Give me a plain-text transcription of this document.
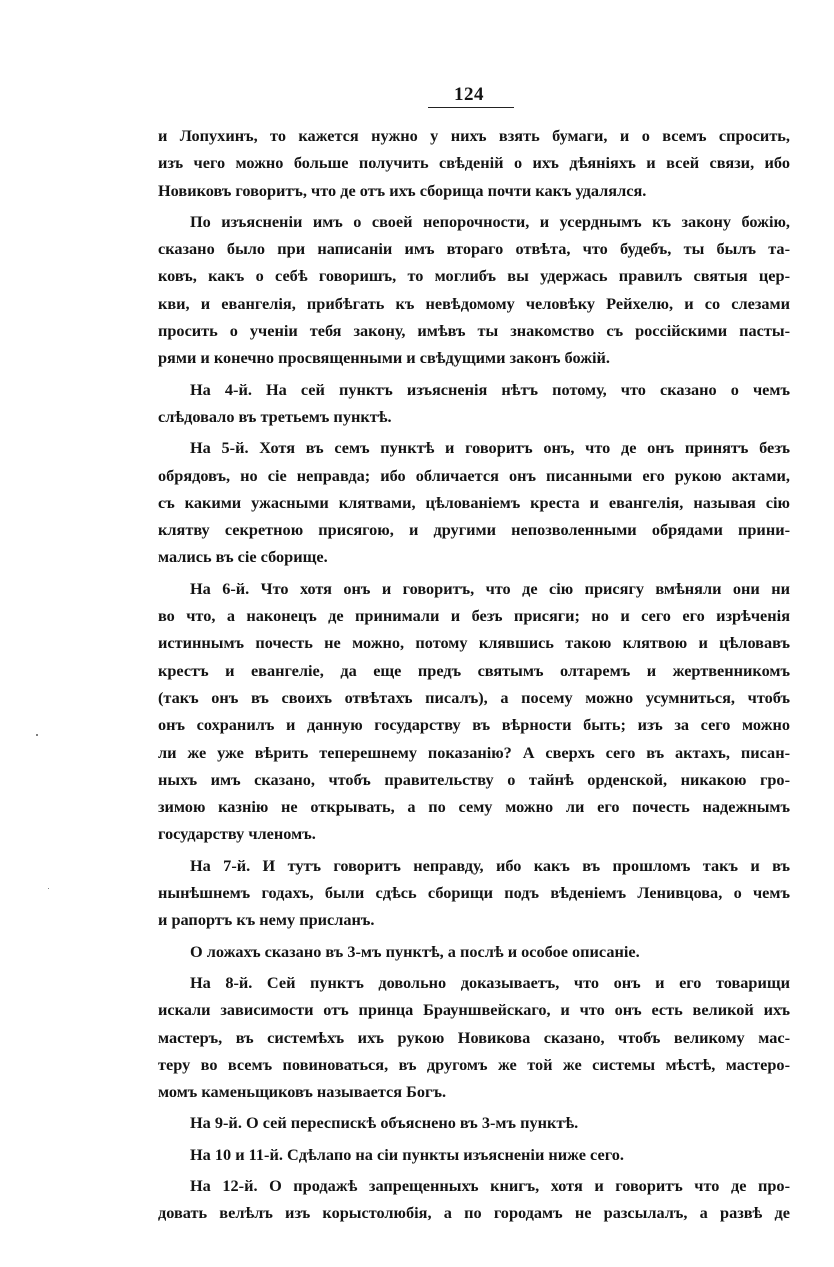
124
и Лопухинъ, то кажется нужно у нихъ взять бумаги, и о всемъ спросить,
изъ чего можно больше получить свѣденій о ихъ дѣяніяхъ и всей связи, ибо
Новиковъ говоритъ, что де отъ ихъ сборища почти какъ удалялся.
По изъясненіи имъ о своей непорочности, и усерднымъ къ закону божію,
сказано было при написаніи имъ втораго отвѣта, что будебъ, ты былъ та-
ковъ, какъ о себѣ говоришъ, то моглибъ вы удержась правилъ святыя цер-
кви, и евангелія, прибѣгать къ невѣдомому человѣку Рейхелю, и со слезами
просить о ученіи тебя закону, имѣвъ ты знакомство съ россійскими пасты-
рями и конечно просвященными и свѣдущими законъ божій.
На 4-й. На сей пунктъ изъясненія нѣтъ потому, что сказано о чемъ
слѣдовало въ третьемъ пунктѣ.
На 5-й. Хотя въ семъ пунктѣ и говоритъ онъ, что де онъ принятъ безъ
обрядовъ, но сіе неправда; ибо обличается онъ писанными его рукою актами,
съ какими ужасными клятвами, цѣлованіемъ креста и евангелія, называя сію
клятву секретною присягою, и другими непозволенными обрядами прини-
мались въ сіе сборище.
На 6-й. Что хотя онъ и говоритъ, что де сію присягу вмѣняли они ни
во что, а наконецъ де принимали и безъ присяги; но и сего его изрѣченія
истиннымъ почесть не можно, потому клявшись такою клятвою и цѣловавъ
крестъ и евангеліе, да еще предъ святымъ олтаремъ и жертвенникомъ
(такъ онъ въ своихъ отвѣтахъ писалъ), а посему можно усумниться, чтобъ
онъ сохранилъ и данную государству въ вѣрности быть; изъ за сего можно
ли же уже вѣрить теперешнему показанію? А сверхъ сего въ актахъ, писан-
ныхъ имъ сказано, чтобъ правительству о тайнѣ орденской, никакою гро-
зимою казнію не открывать, а по сему можно ли его почесть надежнымъ
государству членомъ.
На 7-й. И тутъ говоритъ неправду, ибо какъ въ прошломъ такъ и въ
нынѣшнемъ годахъ, были сдѣсь сборищи подъ вѣденіемъ Ленивцова, о чемъ
и рапортъ къ нему присланъ.
О ложахъ сказано въ 3-мъ пунктѣ, а послѣ и особое описаніе.
На 8-й. Сей пунктъ довольно доказываетъ, что онъ и его товарищи
искали зависимости отъ принца Брауншвейскаго, и что онъ есть великой ихъ
мастеръ, въ системѣхъ ихъ рукою Новикова сказано, чтобъ великому мас-
теру во всемъ повиноваться, въ другомъ же той же системы мѣстѣ, мастеро-
момъ каменьщиковъ называется Богъ.
На 9-й. О сей переспискѣ объяснено въ 3-мъ пунктѣ.
На 10 и 11-й. Сдѣлапо на сіи пункты изъясненіи ниже сего.
На 12-й. О продажѣ запрещенныхъ книгъ, хотя и говоритъ что де про-
довать велѣлъ изъ корыстолюбія, а по городамъ не разсылалъ, а развѣ де
